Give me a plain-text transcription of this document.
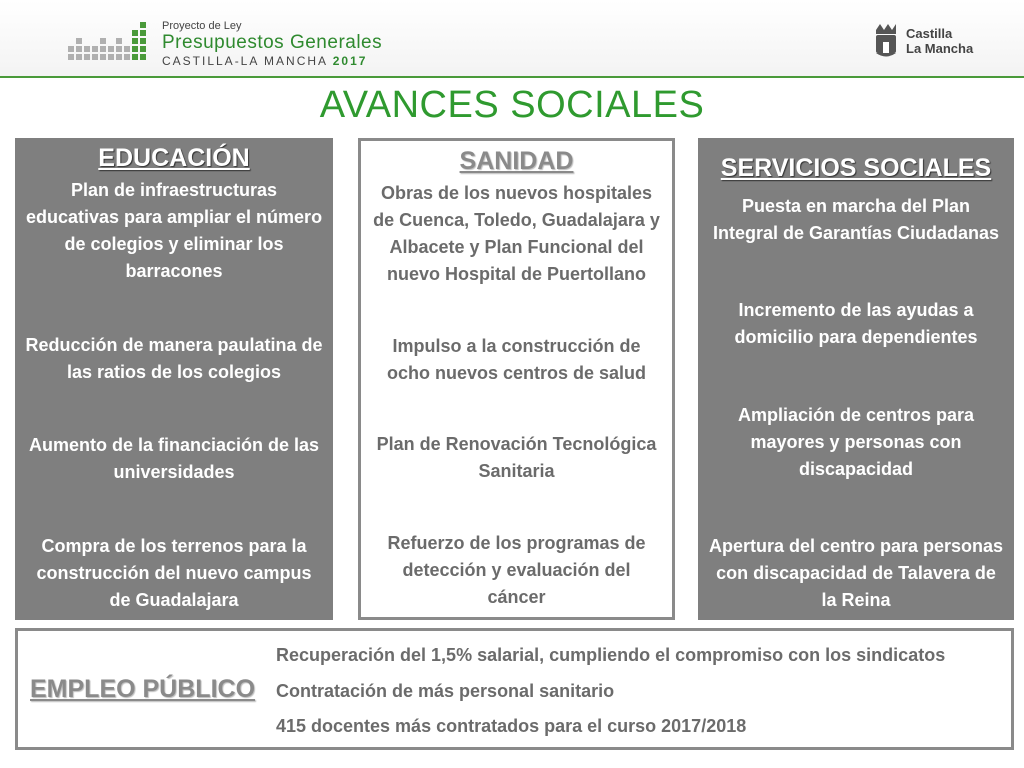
Proyecto de Ley
Presupuestos Generales
CASTILLA-LA MANCHA 2017
Castilla
La Mancha
AVANCES SOCIALES
EDUCACIÓN
Plan de infraestructuras educativas para ampliar el número de colegios y eliminar los barracones
Reducción de manera paulatina de las ratios de los colegios
Aumento de la financiación de las universidades
Compra de los terrenos para la construcción del nuevo campus de Guadalajara
SANIDAD
Obras de los nuevos hospitales de Cuenca, Toledo, Guadalajara y Albacete y Plan Funcional del nuevo Hospital de Puertollano
Impulso a la construcción de ocho nuevos centros de salud
Plan de Renovación Tecnológica Sanitaria
Refuerzo de los programas de detección y evaluación del cáncer
SERVICIOS SOCIALES
Puesta en marcha del Plan Integral de Garantías Ciudadanas
Incremento de las ayudas a domicilio para dependientes
Ampliación de centros para mayores y personas con discapacidad
Apertura del centro para personas con discapacidad de Talavera de la Reina
EMPLEO PÚBLICO
Recuperación del 1,5% salarial, cumpliendo el compromiso con los sindicatos
Contratación de más personal sanitario
415 docentes más contratados para el curso 2017/2018
